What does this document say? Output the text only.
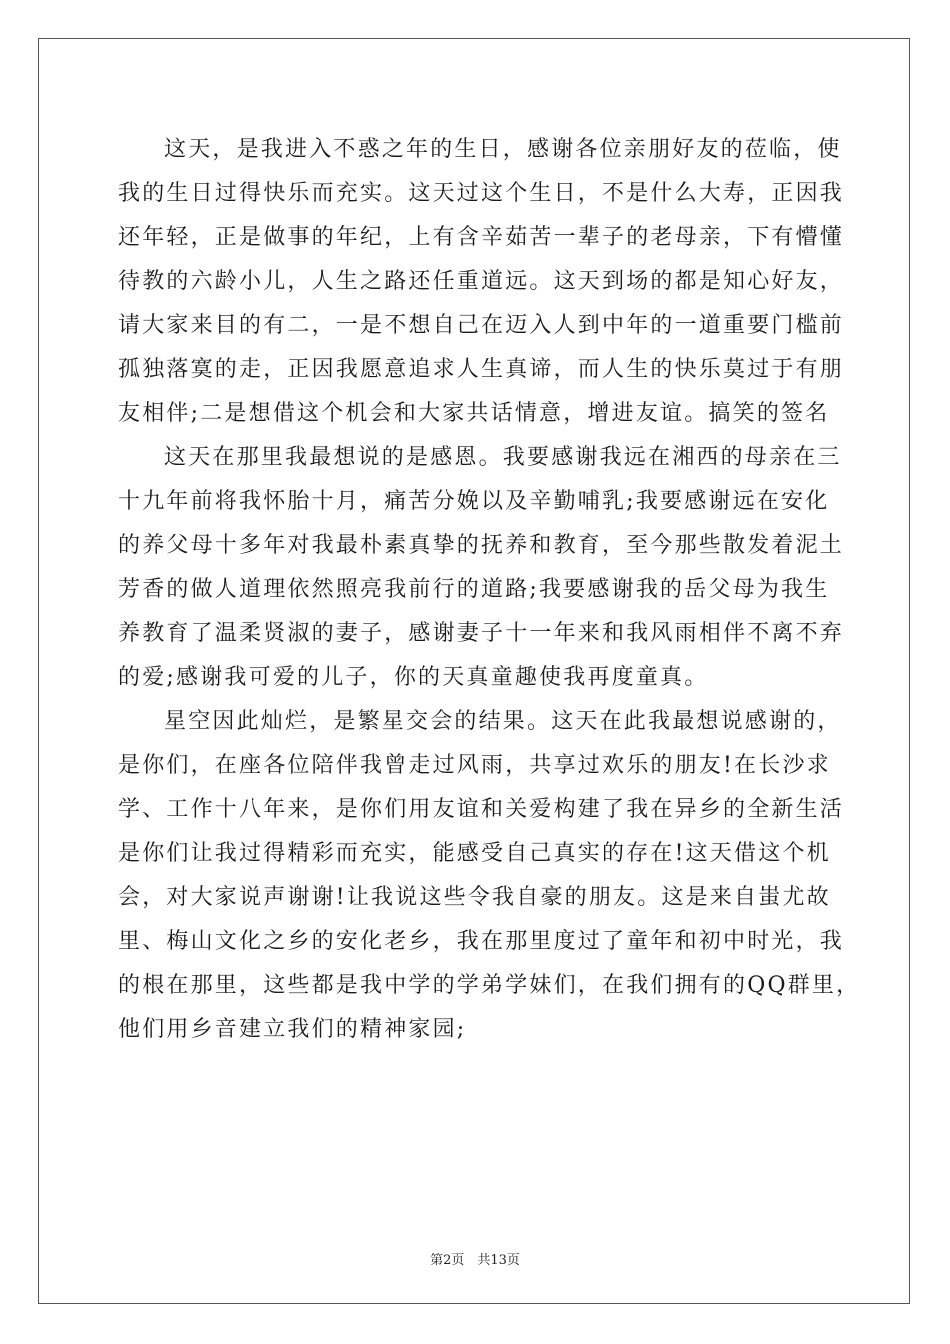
这天，是我进入不惑之年的生日，感谢各位亲朋好友的莅临，使
我的生日过得快乐而充实。这天过这个生日，不是什么大寿，正因我
还年轻，正是做事的年纪，上有含辛茹苦一辈子的老母亲，下有懵懂
待教的六龄小儿，人生之路还任重道远。这天到场的都是知心好友，
请大家来目的有二，一是不想自己在迈入人到中年的一道重要门槛前
孤独落寞的走，正因我愿意追求人生真谛，而人生的快乐莫过于有朋
友相伴;二是想借这个机会和大家共话情意，增进友谊。搞笑的签名
这天在那里我最想说的是感恩。我要感谢我远在湘西的母亲在三
十九年前将我怀胎十月，痛苦分娩以及辛勤哺乳;我要感谢远在安化
的养父母十多年对我最朴素真挚的抚养和教育，至今那些散发着泥土
芳香的做人道理依然照亮我前行的道路;我要感谢我的岳父母为我生
养教育了温柔贤淑的妻子，感谢妻子十一年来和我风雨相伴不离不弃
的爱;感谢我可爱的儿子，你的天真童趣使我再度童真。
星空因此灿烂，是繁星交会的结果。这天在此我最想说感谢的，
是你们，在座各位陪伴我曾走过风雨，共享过欢乐的朋友!在长沙求
学、工作十八年来，是你们用友谊和关爱构建了我在异乡的全新生活
是你们让我过得精彩而充实，能感受自己真实的存在!这天借这个机
会，对大家说声谢谢!让我说这些令我自豪的朋友。这是来自蚩尤故
里、梅山文化之乡的安化老乡，我在那里度过了童年和初中时光，我
的根在那里，这些都是我中学的学弟学妹们，在我们拥有的QQ群里，
他们用乡音建立我们的精神家园;
第2页　共13页
